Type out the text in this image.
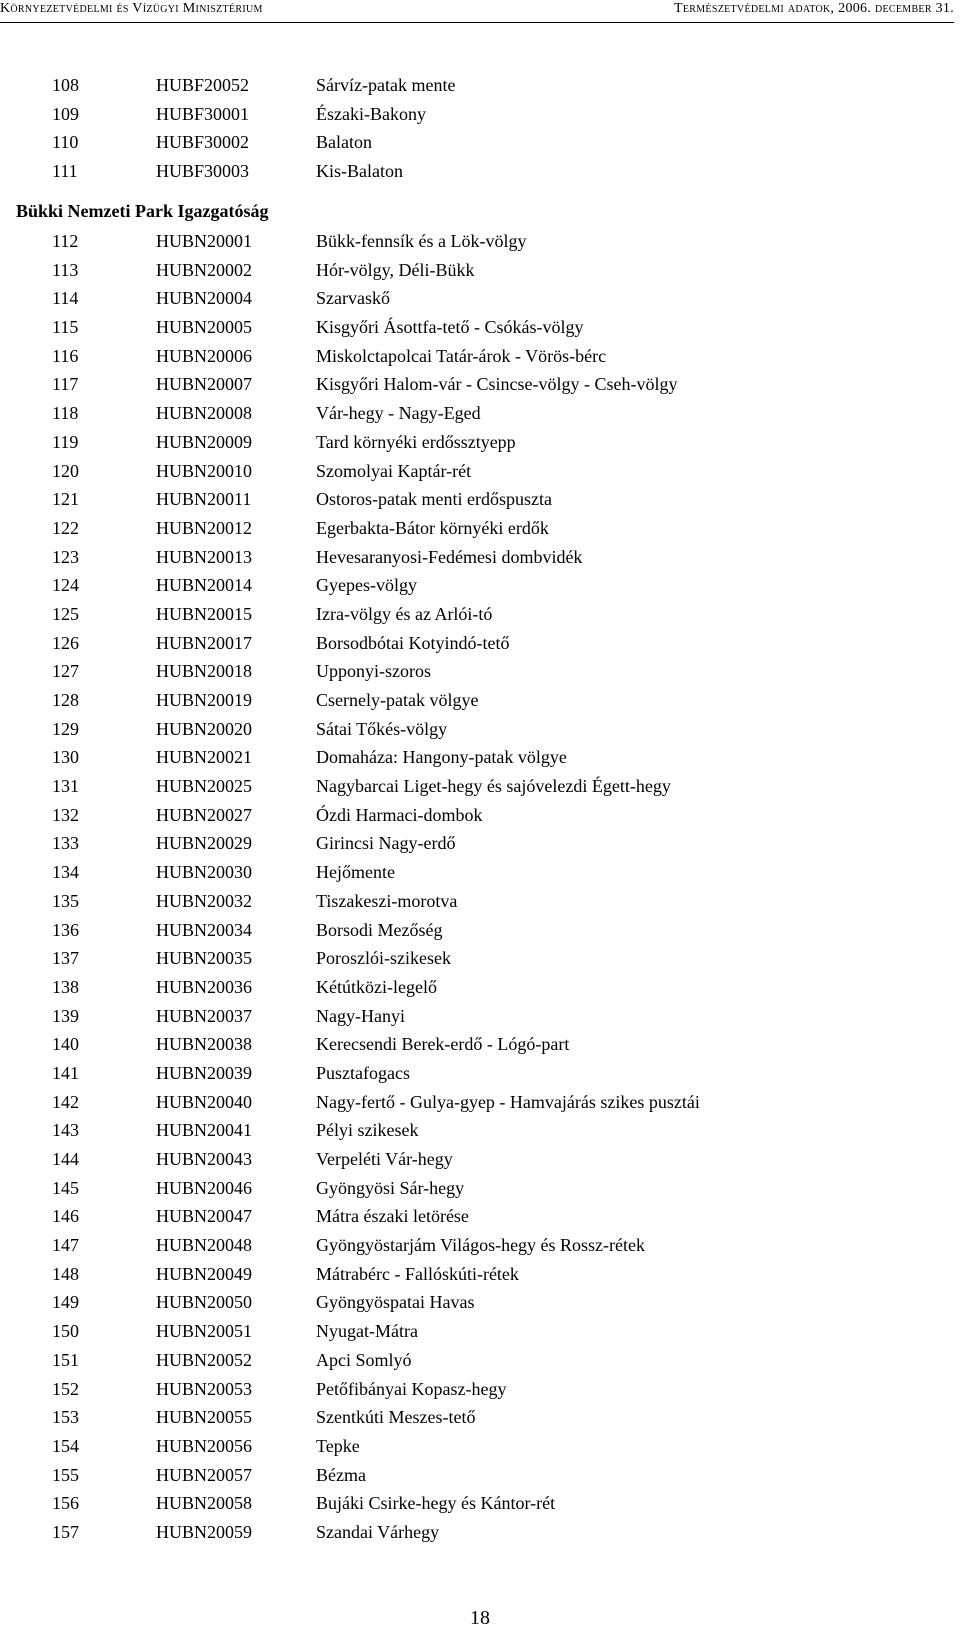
Környezetvédelmi és Vízügyi Minisztérium	Természetvédelmi adatok, 2006. december 31.
108	HUBF20052	Sárvíz-patak mente
109	HUBF30001	Északi-Bakony
110	HUBF30002	Balaton
111	HUBF30003	Kis-Balaton
Bükki Nemzeti Park Igazgatóság
112	HUBN20001	Bükk-fennsík és a Lök-völgy
113	HUBN20002	Hór-völgy, Déli-Bükk
114	HUBN20004	Szarvaskő
115	HUBN20005	Kisgyőri Ásottfa-tető - Csókás-völgy
116	HUBN20006	Miskolctapolcai Tatár-árok - Vörös-bérc
117	HUBN20007	Kisgyőri Halom-vár - Csincse-völgy - Cseh-völgy
118	HUBN20008	Vár-hegy - Nagy-Eged
119	HUBN20009	Tard környéki erdőssztyepp
120	HUBN20010	Szomolyai Kaptár-rét
121	HUBN20011	Ostoros-patak menti erdőspuszta
122	HUBN20012	Egerbakta-Bátor környéki erdők
123	HUBN20013	Hevesaranyosi-Fedémesi dombvidék
124	HUBN20014	Gyepes-völgy
125	HUBN20015	Izra-völgy és az Arlói-tó
126	HUBN20017	Borsodbótai Kotyindó-tető
127	HUBN20018	Upponyi-szoros
128	HUBN20019	Csernely-patak völgye
129	HUBN20020	Sátai Tőkés-völgy
130	HUBN20021	Domaháza: Hangony-patak völgye
131	HUBN20025	Nagybarcai Liget-hegy és sajóvelezdi Égett-hegy
132	HUBN20027	Ózdi Harmaci-dombok
133	HUBN20029	Girincsi Nagy-erdő
134	HUBN20030	Hejőmente
135	HUBN20032	Tiszakeszi-morotva
136	HUBN20034	Borsodi Mezőség
137	HUBN20035	Poroszlói-szikesek
138	HUBN20036	Kétútközi-legelő
139	HUBN20037	Nagy-Hanyi
140	HUBN20038	Kerecsendi Berek-erdő - Lógó-part
141	HUBN20039	Pusztafogacs
142	HUBN20040	Nagy-fertő - Gulya-gyep - Hamvajárás szikes pusztái
143	HUBN20041	Pélyi szikesek
144	HUBN20043	Verpeléti Vár-hegy
145	HUBN20046	Gyöngyösi Sár-hegy
146	HUBN20047	Mátra északi letörése
147	HUBN20048	Gyöngyöstarjám Világos-hegy és Rossz-rétek
148	HUBN20049	Mátrabérc - Fallóskúti-rétek
149	HUBN20050	Gyöngyöspatai Havas
150	HUBN20051	Nyugat-Mátra
151	HUBN20052	Apci Somlyó
152	HUBN20053	Petőfibányai Kopasz-hegy
153	HUBN20055	Szentkúti Meszes-tető
154	HUBN20056	Tepke
155	HUBN20057	Bézma
156	HUBN20058	Bujáki Csirke-hegy és Kántor-rét
157	HUBN20059	Szandai Várhegy
18
